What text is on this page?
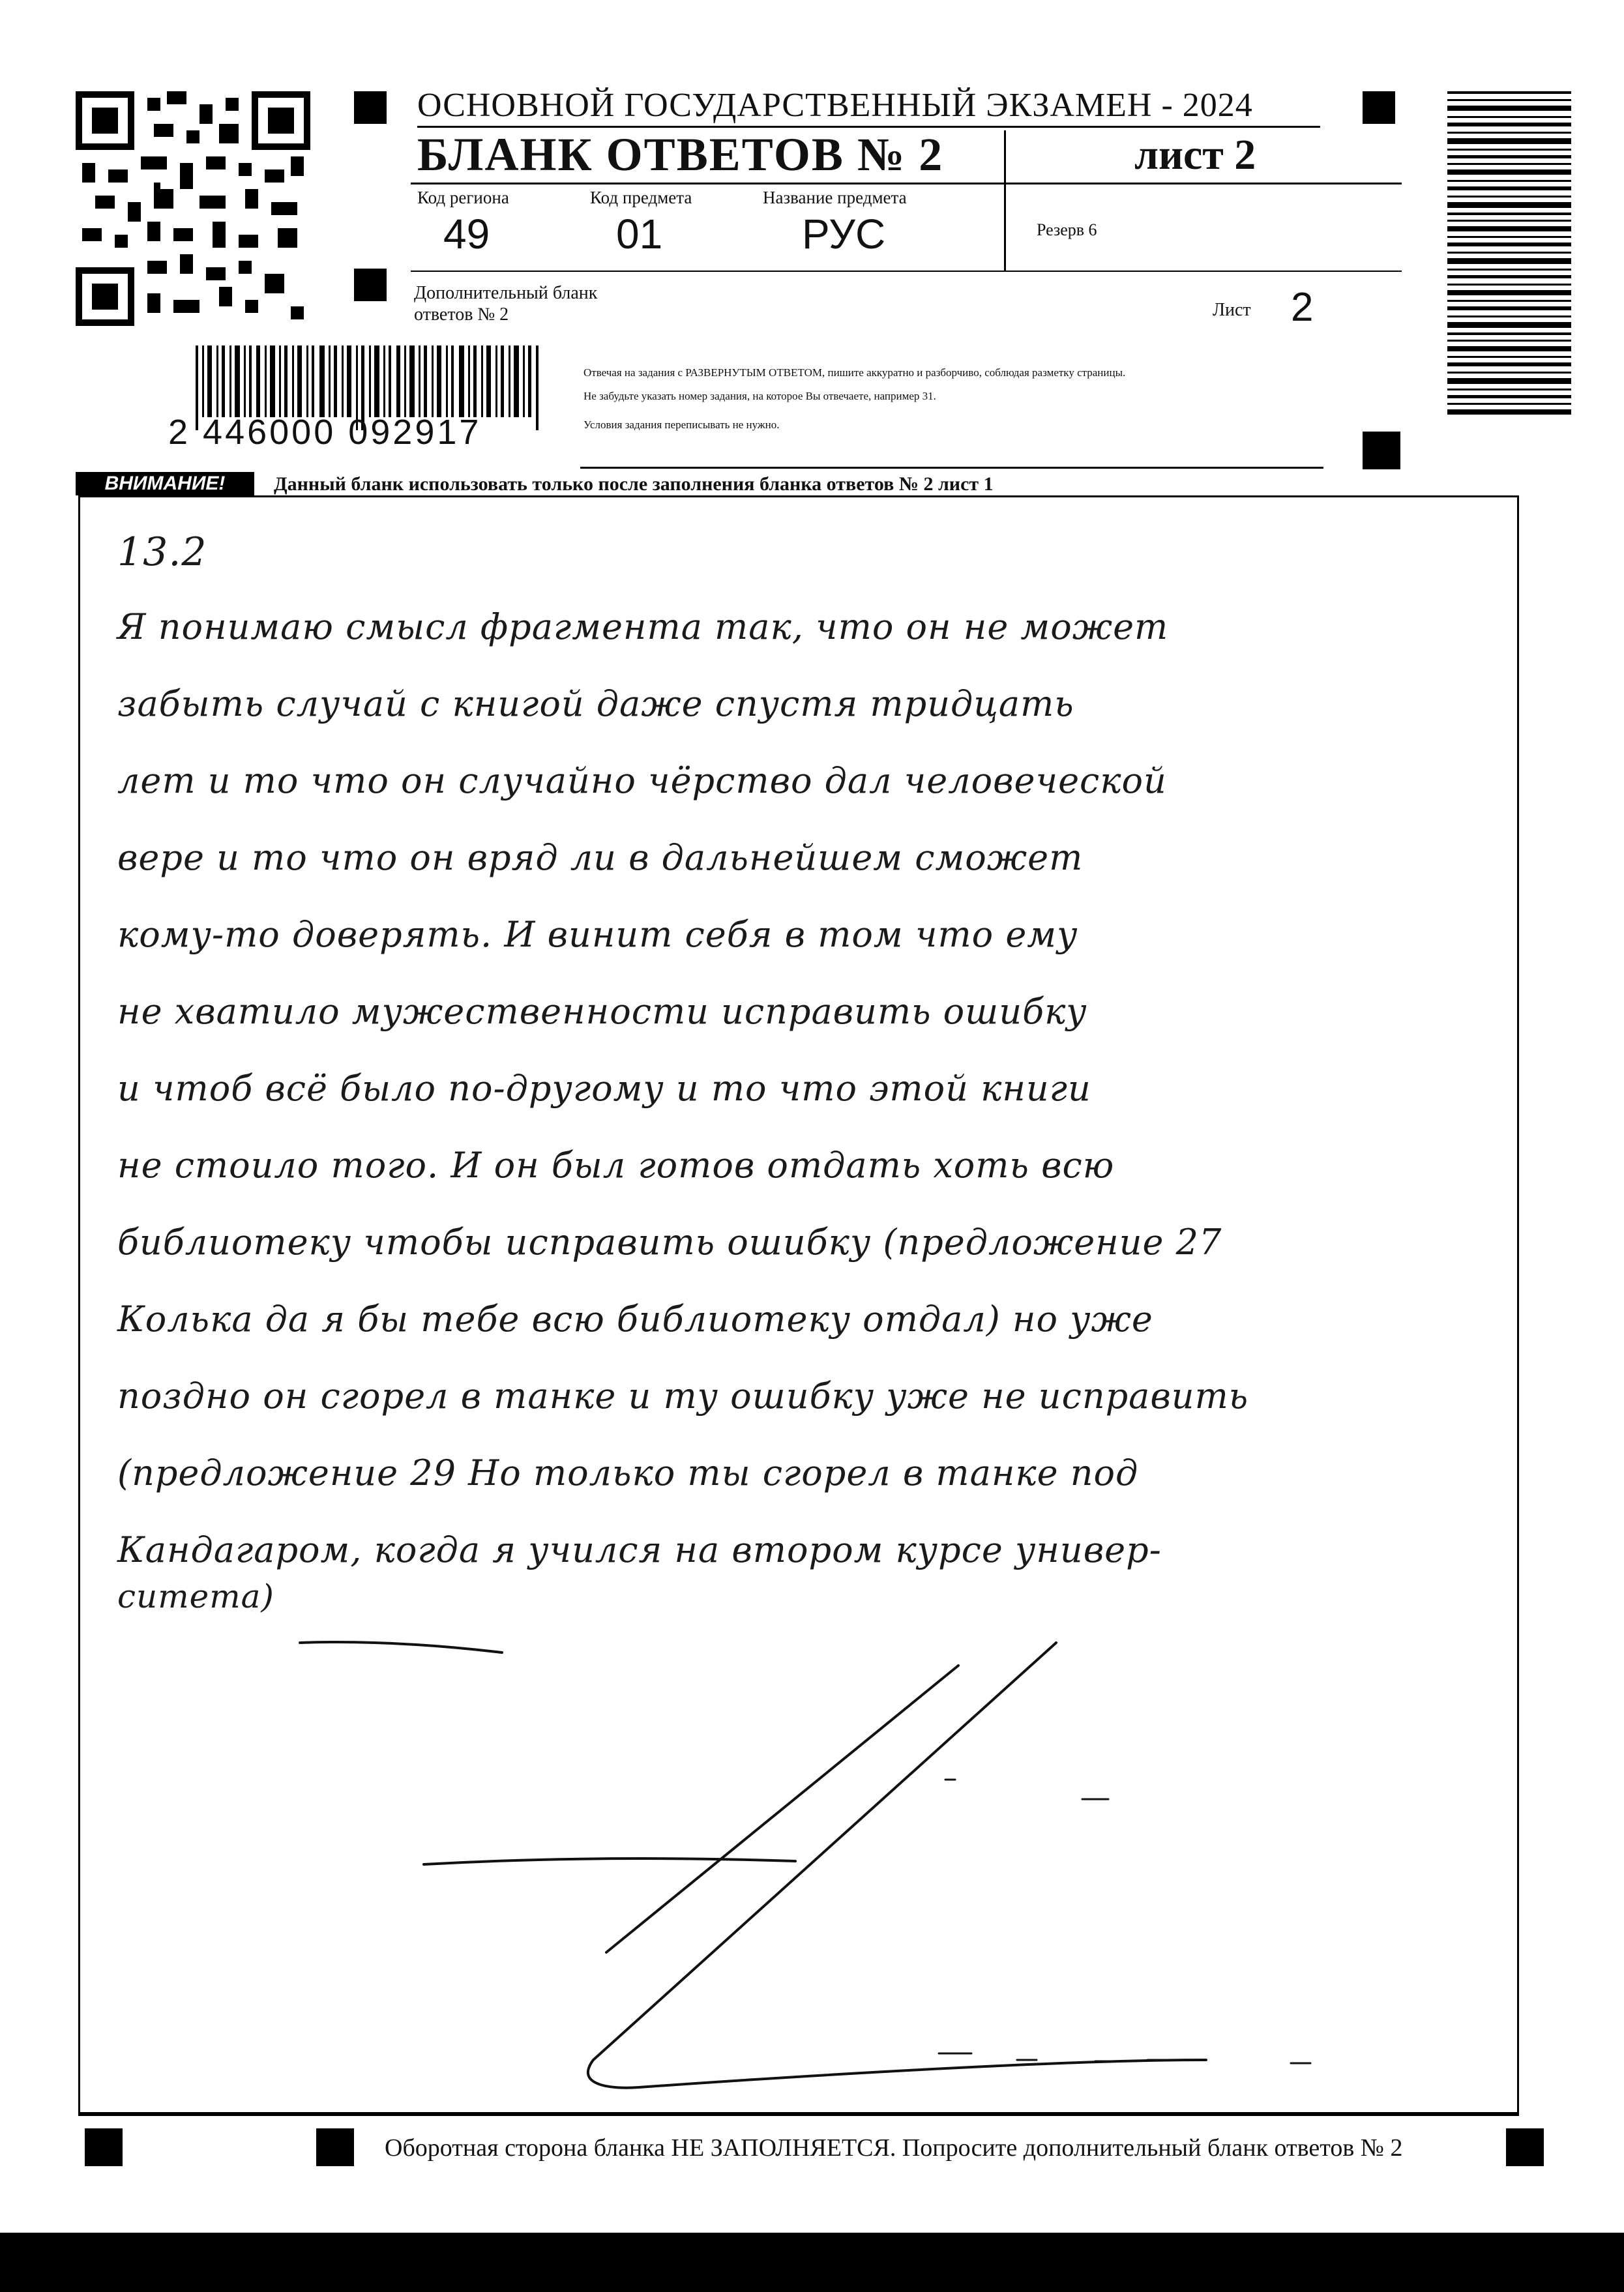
ОСНОВНОЙ ГОСУДАРСТВЕННЫЙ ЭКЗАМЕН - 2024
БЛАНК ОТВЕТОВ № 2	лист 2
Код региона
49
Код предмета
01
Название предмета
РУС	Резерв 6
Дополнительный бланк ответов № 2	Лист 2
Отвечая на задания с РАЗВЕРНУТЫМ ОТВЕТОМ, пишите аккуратно и разборчиво, соблюдая разметку страницы.
Не забудьте указать номер задания, на которое Вы отвечаете, например 31.
Условия задания переписывать не нужно.
2 446000 092917
ВНИМАНИЕ!	Данный бланк использовать только после заполнения бланка ответов № 2 лист 1
13.2
Я понимаю смысл фрагмента так, что он не может
забыть случай с книгой даже спустя тридцать
лет и то что он случайно чёрство дал человеческой
вере и то что он вряд ли в дальнейшем сможет
кому-то доверять. И винит себя в том что ему
не хватило мужественности исправить ошибку
и чтоб всё было по-другому и то что этой книги
не стоило того. И он был готов отдать хоть всю
библиотеку чтобы исправить ошибку (предложение 27
Колька да я бы тебе всю библиотеку отдал) но уже
поздно он сгорел в танке и ту ошибку уже не исправить
(предложение 29 Но только ты сгорел в танке под
Кандагаром, когда я учился на втором курсе универ-
ситета)
Оборотная сторона бланка НЕ ЗАПОЛНЯЕТСЯ. Попросите дополнительный бланк ответов № 2
